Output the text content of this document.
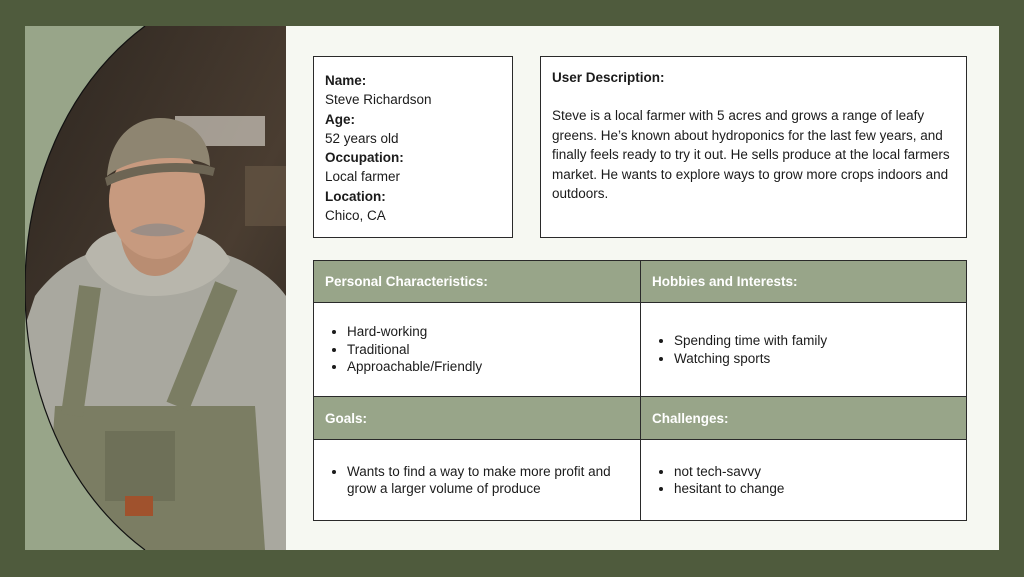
Name:
Steve Richardson
Age:
52 years old
Occupation:
Local farmer
Location:
Chico, CA
User Description:
Steve is a local farmer with 5 acres and grows a range of leafy greens. He’s known about hydroponics for the last few years, and finally feels ready to try it out. He sells produce at the local farmers market. He wants to explore ways to grow more crops indoors and outdoors.
Personal Characteristics:	Hobbies and Interests:
• Hard-working
• Traditional
• Approachable/Friendly
• Spending time with family
• Watching sports
Goals:	Challenges:
• Wants to find a way to make more profit and grow a larger volume of produce
• not tech-savvy
• hesitant to change
